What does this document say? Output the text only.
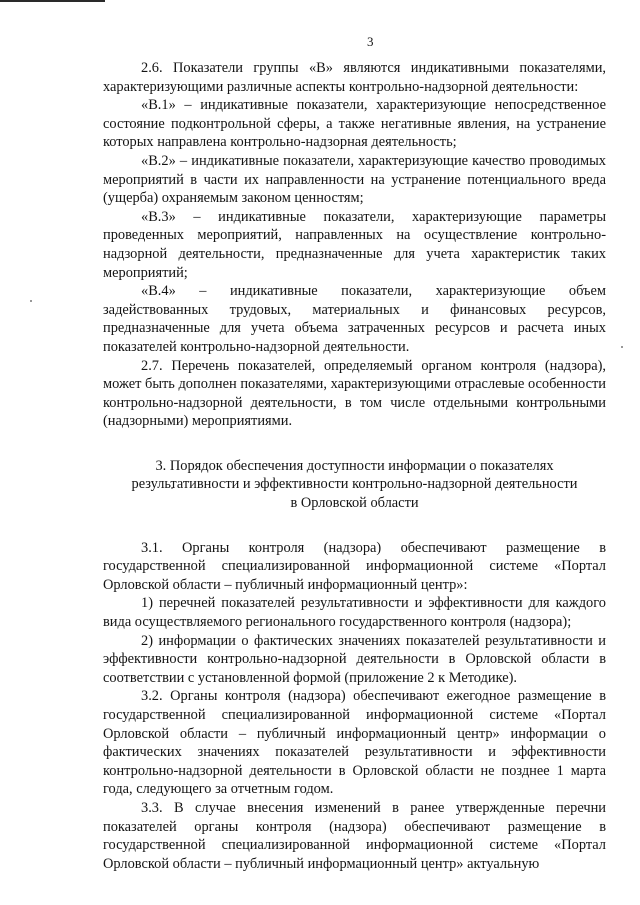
3

2.6. Показатели группы «В» являются индикативными показателями, характеризующими различные аспекты контрольно-надзорной деятельности:

«В.1» – индикативные показатели, характеризующие непосредственное состояние подконтрольной сферы, а также негативные явления, на устранение которых направлена контрольно-надзорная деятельность;

«В.2» – индикативные показатели, характеризующие качество проводимых мероприятий в части их направленности на устранение потенциального вреда (ущерба) охраняемым законом ценностям;

«В.3» – индикативные показатели, характеризующие параметры проведенных мероприятий, направленных на осуществление контрольно-надзорной деятельности, предназначенные для учета характеристик таких мероприятий;

«В.4» – индикативные показатели, характеризующие объем задействованных трудовых, материальных и финансовых ресурсов, предназначенные для учета объема затраченных ресурсов и расчета иных показателей контрольно-надзорной деятельности.

2.7. Перечень показателей, определяемый органом контроля (надзора), может быть дополнен показателями, характеризующими отраслевые особенности контрольно-надзорной деятельности, в том числе отдельными контрольными (надзорными) мероприятиями.

3. Порядок обеспечения доступности информации о показателях
результативности и эффективности контрольно-надзорной деятельности
в Орловской области

3.1. Органы контроля (надзора) обеспечивают размещение в государственной специализированной информационной системе «Портал Орловской области – публичный информационный центр»:

1) перечней показателей результативности и эффективности для каждого вида осуществляемого регионального государственного контроля (надзора);

2) информации о фактических значениях показателей результативности и эффективности контрольно-надзорной деятельности в Орловской области в соответствии с установленной формой (приложение 2 к Методике).

3.2. Органы контроля (надзора) обеспечивают ежегодное размещение в государственной специализированной информационной системе «Портал Орловской области – публичный информационный центр» информации о фактических значениях показателей результативности и эффективности контрольно-надзорной деятельности в Орловской области не позднее 1 марта года, следующего за отчетным годом.

3.3. В случае внесения изменений в ранее утвержденные перечни показателей органы контроля (надзора) обеспечивают размещение в государственной специализированной информационной системе «Портал Орловской области – публичный информационный центр» актуальную
